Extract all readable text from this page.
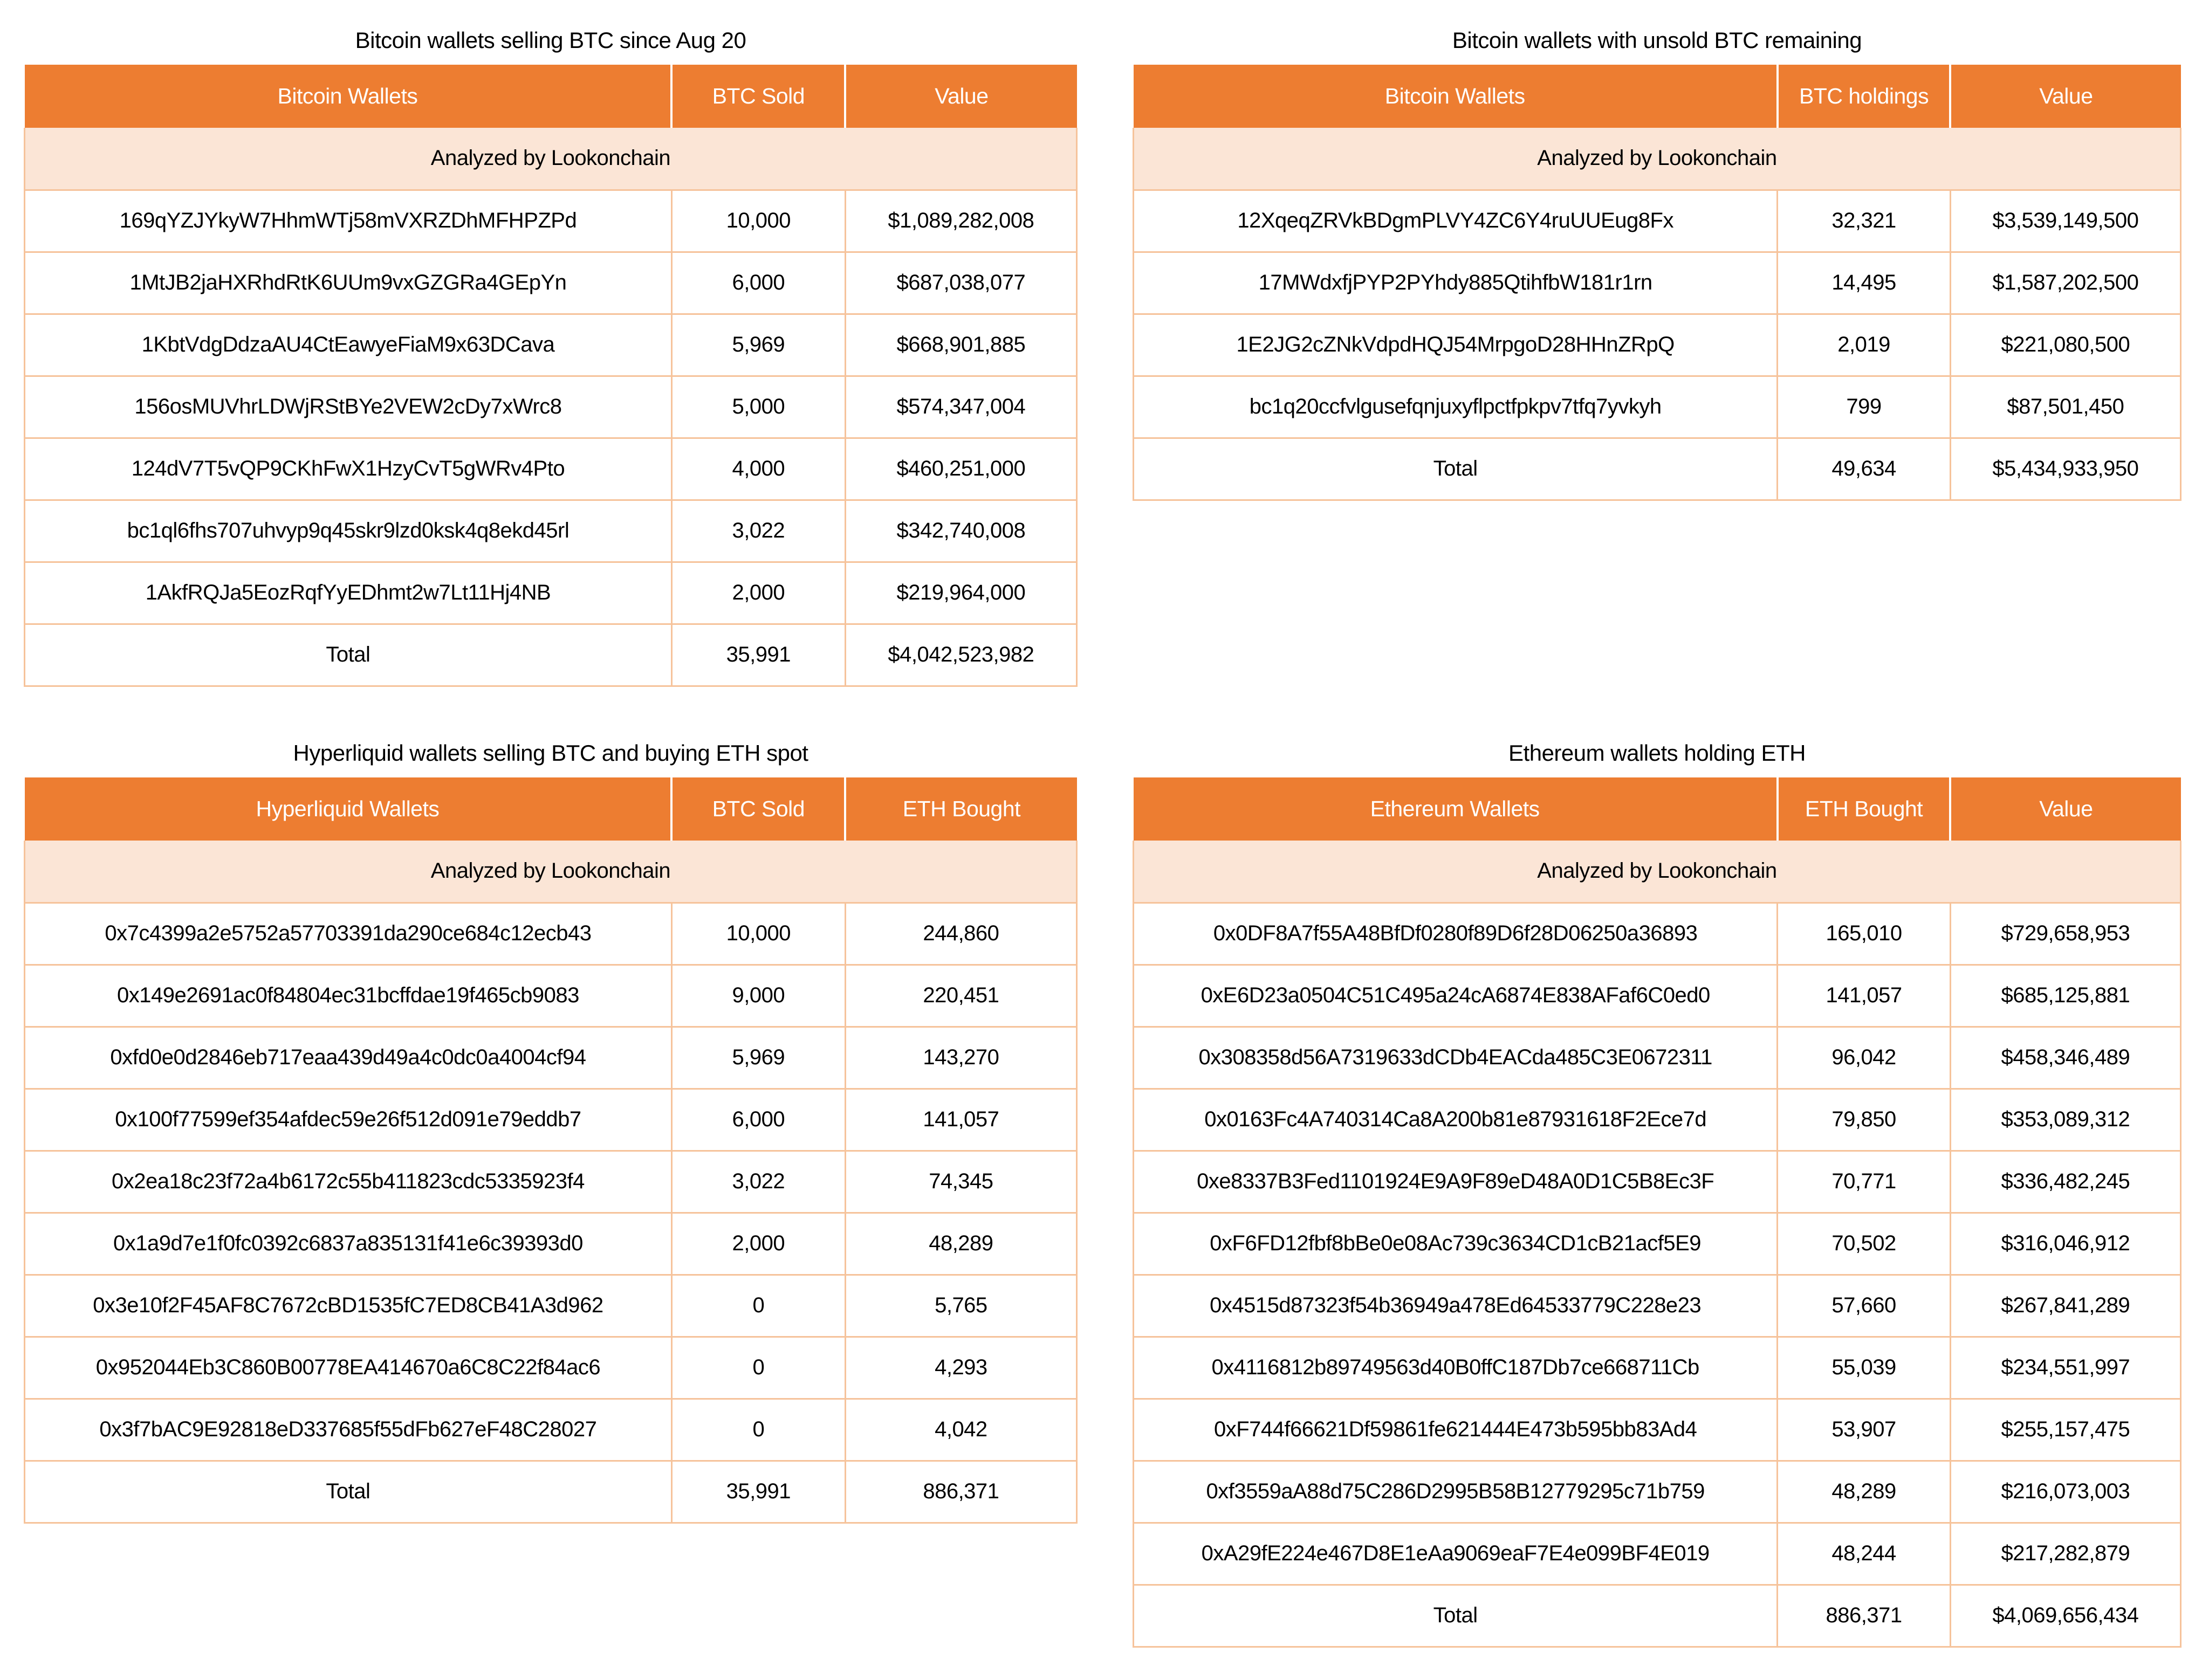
Bitcoin wallets selling BTC since Aug 20
Bitcoin Wallets	BTC Sold	Value
Analyzed by Lookonchain		
169qYZJYkyW7HhmWTj58mVXRZDhMFHPZPd	10,000	$1,089,282,008
1MtJB2jaHXRhdRtK6UUm9vxGZGRa4GEpYn	6,000	$687,038,077
1KbtVdgDdzaAU4CtEawyeFiaM9x63DCava	5,969	$668,901,885
156osMUVhrLDWjRStBYe2VEW2cDy7xWrc8	5,000	$574,347,004
124dV7T5vQP9CKhFwX1HzyCvT5gWRv4Pto	4,000	$460,251,000
bc1ql6fhs707uhvyp9q45skr9lzd0ksk4q8ekd45rl	3,022	$342,740,008
1AkfRQJa5EozRqfYyEDhmt2w7Lt11Hj4NB	2,000	$219,964,000
Total	35,991	$4,042,523,982
Bitcoin wallets with unsold BTC remaining
Bitcoin Wallets	BTC holdings	Value
Analyzed by Lookonchain		
12XqeqZRVkBDgmPLVY4ZC6Y4ruUUEug8Fx	32,321	$3,539,149,500
17MWdxfjPYP2PYhdy885QtihfbW181r1rn	14,495	$1,587,202,500
1E2JG2cZNkVdpdHQJ54MrpgoD28HHnZRpQ	2,019	$221,080,500
bc1q20ccfvlgusefqnjuxyflpctfpkpv7tfq7yvkyh	799	$87,501,450
Total	49,634	$5,434,933,950
Hyperliquid wallets selling BTC and buying ETH spot
Hyperliquid Wallets	BTC Sold	ETH Bought
Analyzed by Lookonchain		
0x7c4399a2e5752a57703391da290ce684c12ecb43	10,000	244,860
0x149e2691ac0f84804ec31bcffdae19f465cb9083	9,000	220,451
0xfd0e0d2846eb717eaa439d49a4c0dc0a4004cf94	5,969	143,270
0x100f77599ef354afdec59e26f512d091e79eddb7	6,000	141,057
0x2ea18c23f72a4b6172c55b411823cdc5335923f4	3,022	74,345
0x1a9d7e1f0fc0392c6837a835131f41e6c39393d0	2,000	48,289
0x3e10f2F45AF8C7672cBD1535fC7ED8CB41A3d962	0	5,765
0x952044Eb3C860B00778EA414670a6C8C22f84ac6	0	4,293
0x3f7bAC9E92818eD337685f55dFb627eF48C28027	0	4,042
Total	35,991	886,371
Ethereum wallets holding ETH
Ethereum Wallets	ETH Bought	Value
Analyzed by Lookonchain		
0x0DF8A7f55A48BfDf0280f89D6f28D06250a36893	165,010	$729,658,953
0xE6D23a0504C51C495a24cA6874E838AFaf6C0ed0	141,057	$685,125,881
0x308358d56A7319633dCDb4EACda485C3E0672311	96,042	$458,346,489
0x0163Fc4A740314Ca8A200b81e87931618F2Ece7d	79,850	$353,089,312
0xe8337B3Fed1101924E9A9F89eD48A0D1C5B8Ec3F	70,771	$336,482,245
0xF6FD12fbf8bBe0e08Ac739c3634CD1cB21acf5E9	70,502	$316,046,912
0x4515d87323f54b36949a478Ed64533779C228e23	57,660	$267,841,289
0x4116812b89749563d40B0ffC187Db7ce668711Cb	55,039	$234,551,997
0xF744f66621Df59861fe621444E473b595bb83Ad4	53,907	$255,157,475
0xf3559aA88d75C286D2995B58B12779295c71b759	48,289	$216,073,003
0xA29fE224e467D8E1eAa9069eaF7E4e099BF4E019	48,244	$217,282,879
Total	886,371	$4,069,656,434
